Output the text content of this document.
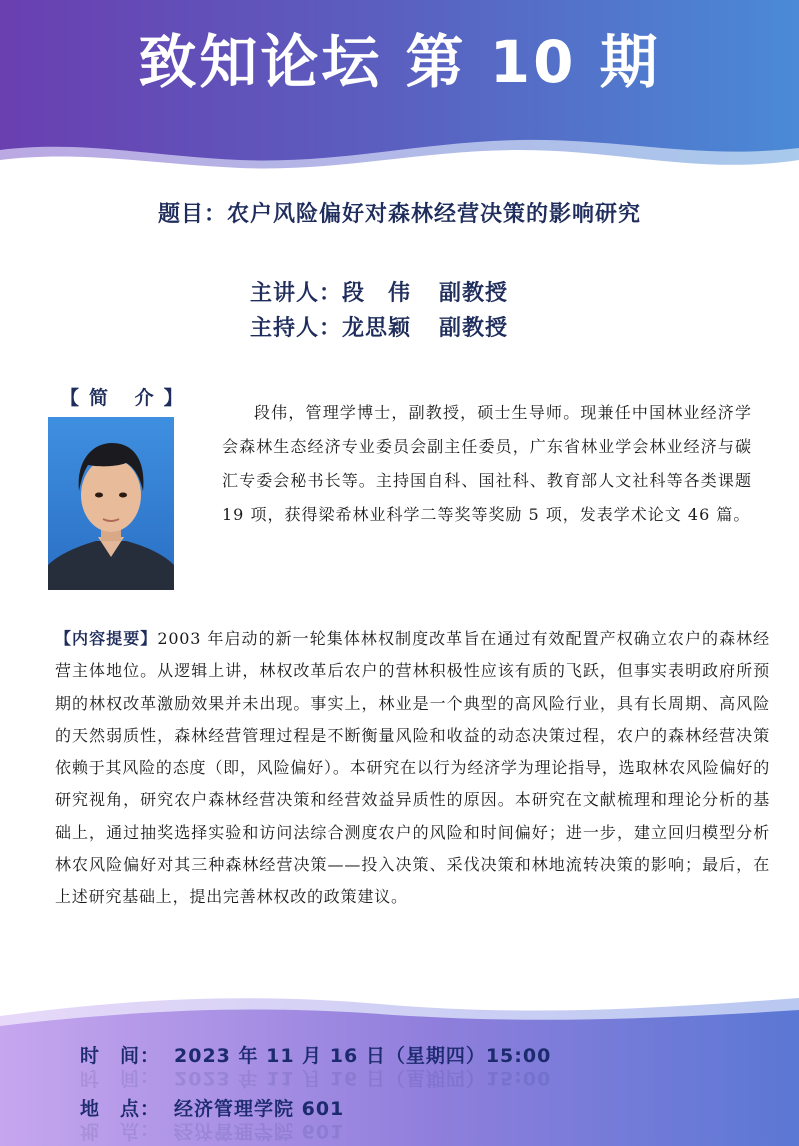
致知论坛 第 10 期
题目：农户风险偏好对森林经营决策的影响研究
主讲人：段　伟 副教授
主持人：龙思颖 副教授
【简 介】
段伟，管理学博士，副教授，硕士生导师。现兼任中国林业经济学会森林生态经济专业委员会副主任委员，广东省林业学会林业经济与碳汇专委会秘书长等。主持国自科、国社科、教育部人文社科等各类课题 19 项，获得梁希林业科学二等奖等奖励 5 项，发表学术论文 46 篇。
【内容提要】2003 年启动的新一轮集体林权制度改革旨在通过有效配置产权确立农户的森林经营主体地位。从逻辑上讲，林权改革后农户的营林积极性应该有质的飞跃，但事实表明政府所预期的林权改革激励效果并未出现。事实上，林业是一个典型的高风险行业，具有长周期、高风险的天然弱质性，森林经营管理过程是不断衡量风险和收益的动态决策过程，农户的森林经营决策依赖于其风险的态度（即，风险偏好）。本研究在以行为经济学为理论指导，选取林农风险偏好的研究视角，研究农户森林经营决策和经营效益异质性的原因。本研究在文献梳理和理论分析的基础上，通过抽奖选择实验和访问法综合测度农户的风险和时间偏好；进一步，建立回归模型分析林农风险偏好对其三种森林经营决策——投入决策、采伐决策和林地流转决策的影响；最后，在上述研究基础上，提出完善林权改的政策建议。
时　间： 2023 年 11 月 16 日（星期四）15:00
时　间： 2023 年 11 月 16 日（星期四）15:00
地　点： 经济管理学院 601
地　点： 经济管理学院 601
